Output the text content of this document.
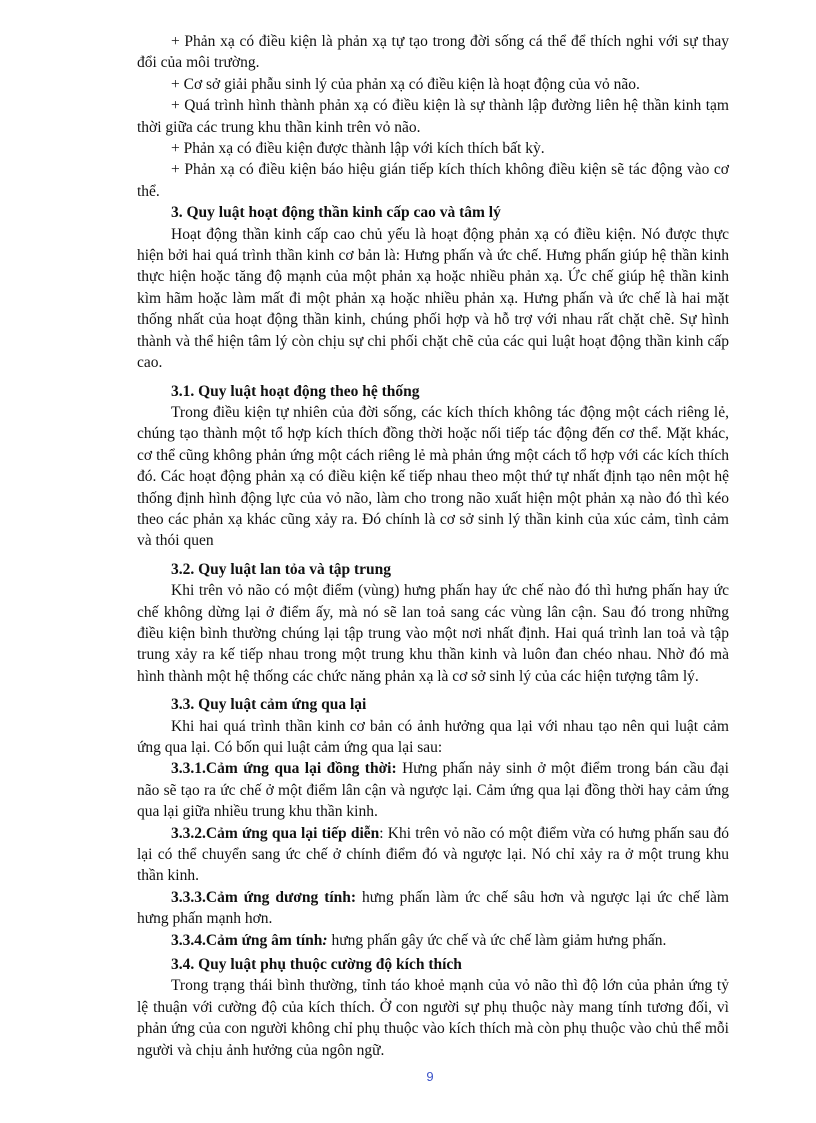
+ Phản xạ có điều kiện là phản xạ tự tạo trong đời sống cá thể để thích nghi với sự thay đổi của môi trường.

+ Cơ sở giải phẫu sinh lý của phản xạ có điều kiện là hoạt động của vỏ não.

+ Quá trình hình thành phản xạ có điều kiện là sự thành lập đường liên hệ thần kinh tạm thời giữa các trung khu thần kinh trên vỏ não.

+ Phản xạ có điều kiện được thành lập với kích thích bất kỳ.

+ Phản xạ có điều kiện báo hiệu gián tiếp kích thích không điều kiện sẽ tác động vào cơ thể.

3. Quy luật hoạt động thần kinh cấp cao và tâm lý

Hoạt động thần kinh cấp cao chủ yếu là hoạt động phản xạ có điều kiện. Nó được thực hiện bởi hai quá trình thần kinh cơ bản là: Hưng phấn và ức chế. Hưng phấn giúp hệ thần kinh thực hiện hoặc tăng độ mạnh của một phản xạ hoặc nhiều phản xạ. Ức chế giúp hệ thần kinh kìm hãm hoặc làm mất đi một phản xạ hoặc nhiều phản xạ. Hưng phấn và ức chế là hai mặt thống nhất của hoạt động thần kinh, chúng phối hợp và hỗ trợ với nhau rất chặt chẽ. Sự hình thành và thể hiện tâm lý còn chịu sự chi phối chặt chẽ của các qui luật hoạt động thần kinh cấp cao.

3.1. Quy luật hoạt động theo hệ thống

Trong điều kiện tự nhiên của đời sống, các kích thích không tác động một cách riêng lẻ, chúng tạo thành một tổ hợp kích thích đồng thời hoặc nối tiếp tác động đến cơ thể. Mặt khác, cơ thể cũng không phản ứng một cách riêng lẻ mà phản ứng một cách tổ hợp với các kích thích đó. Các hoạt động phản xạ có điều kiện kế tiếp nhau theo một thứ tự nhất định tạo nên một hệ thống định hình động lực của vỏ não, làm cho trong não xuất hiện một phản xạ nào đó thì kéo theo các phản xạ khác cũng xảy ra. Đó chính là cơ sở sinh lý thần kinh của xúc cảm, tình cảm và thói quen

3.2. Quy luật lan tỏa và tập trung

Khi trên vỏ não có một điểm (vùng) hưng phấn hay ức chế nào đó thì hưng phấn hay ức chế không dừng lại ở điểm ấy, mà nó sẽ lan toả sang các vùng lân cận. Sau đó trong những điều kiện bình thường chúng lại tập trung vào một nơi nhất định. Hai quá trình lan toả và tập trung xảy ra kế tiếp nhau trong một trung khu thần kinh và luôn đan chéo nhau. Nhờ đó mà hình thành một hệ thống các chức năng phản xạ là cơ sở sinh lý của các hiện tượng tâm lý.

3.3. Quy luật cảm ứng qua lại

Khi hai quá trình thần kinh cơ bản có ảnh hưởng qua lại với nhau tạo nên qui luật cảm ứng qua lại. Có bốn qui luật cảm ứng qua lại sau:

3.3.1.Cảm ứng qua lại đồng thời: Hưng phấn nảy sinh ở một điểm trong bán cầu đại não sẽ tạo ra ức chế ở một điểm lân cận và ngược lại. Cảm ứng qua lại đồng thời hay cảm ứng qua lại giữa nhiều trung khu thần kinh.

3.3.2.Cảm ứng qua lại tiếp diễn: Khi trên vỏ não có một điểm vừa có hưng phấn sau đó lại có thể chuyển sang ức chế ở chính điểm đó và ngược lại. Nó chỉ xảy ra ở một trung khu thần kinh.

3.3.3.Cảm ứng dương tính: hưng phấn làm ức chế sâu hơn và ngược lại ức chế làm hưng phấn mạnh hơn.

3.3.4.Cảm ứng âm tính: hưng phấn gây ức chế và ức chế làm giảm hưng phấn.

3.4. Quy luật phụ thuộc cường độ kích thích

Trong trạng thái bình thường, tỉnh táo khoẻ mạnh của vỏ não thì độ lớn của phản ứng tỷ lệ thuận với cường độ của kích thích. Ở con người sự phụ thuộc này mang tính tương đối, vì phản ứng của con người không chỉ phụ thuộc vào kích thích mà còn phụ thuộc vào chủ thể mỗi người và chịu ảnh hưởng của ngôn ngữ.

9
